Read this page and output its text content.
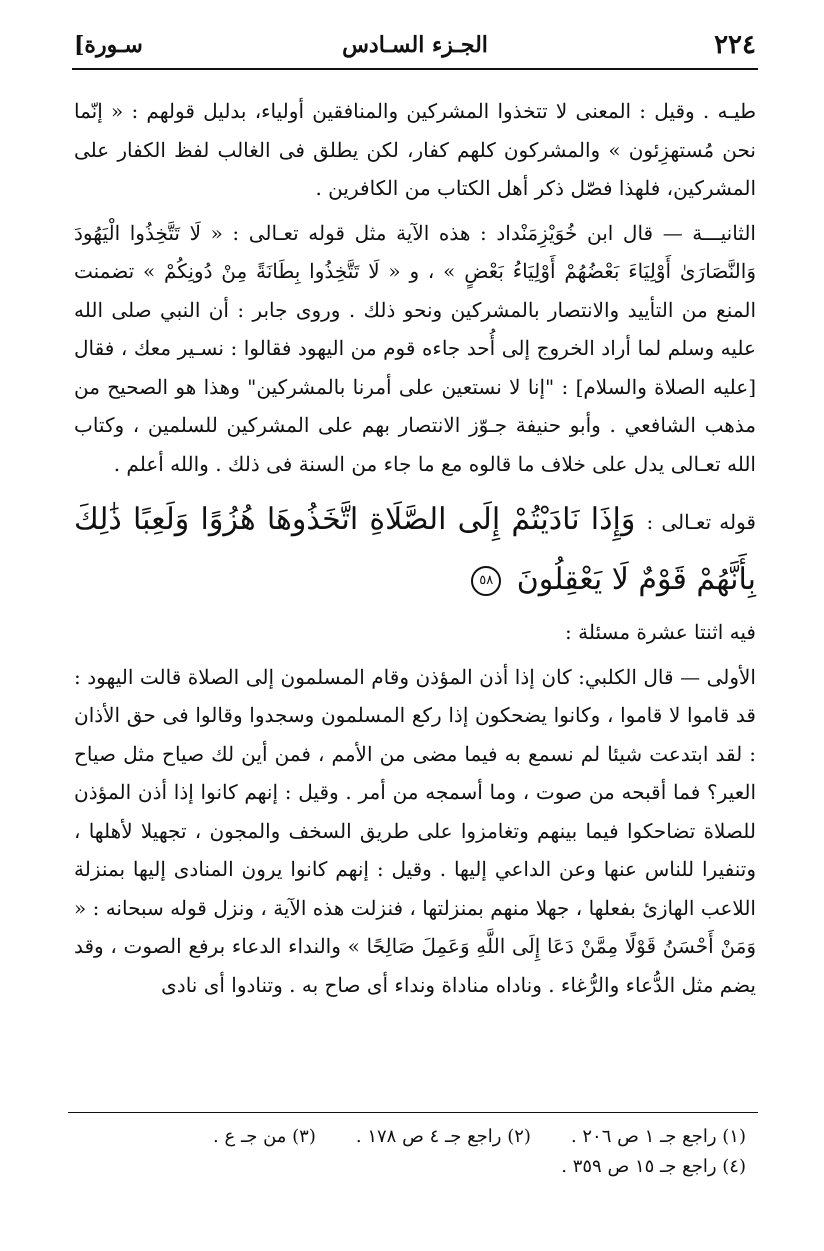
٢٢٤
الجـزء السـادس
[سـورة

طيـه . وقيل : المعنى لا تتخذوا المشركين والمنافقين أولياء، بدليل قولهم : « إنّما نحن مُستهزِئون » والمشركون كلهم كفار، لكن يطلق فى الغالب لفظ الكفار على المشركين، فلهذا فصّل ذكر أهل الكتاب من الكافرين .

الثانيـــة — قال ابن خُوَيْزِمَنْداد : هذه الآية مثل قوله تعـالى : « لَا تَتَّخِذُوا الْيَهُودَ وَالنَّصَارَىٰ أَوْلِيَاءَ بَعْضُهُمْ أَوْلِيَاءُ بَعْضٍ » ، و « لَا تَتَّخِذُوا بِطَانَةً مِنْ دُونِكُمْ » تضمنت المنع من التأييد والانتصار بالمشركين ونحو ذلك . وروى جابر : أن النبي صلى الله عليه وسلم لما أراد الخروج إلى أُحد جاءه قوم من اليهود فقالوا : نسـير معك ، فقال [عليه الصلاة والسلام] : "إنا لا نستعين على أمرنا بالمشركين" وهذا هو الصحيح من مذهب الشافعي . وأبو حنيفة جـوّز الانتصار بهم على المشركين للسلمين ، وكتاب الله تعـالى يدل على خلاف ما قالوه مع ما جاء من السنة فى ذلك . والله أعلم .

قوله تعـالى : وَإِذَا نَادَيْتُمْ إِلَى الصَّلَاةِ اتَّخَذُوهَا هُزُوًا وَلَعِبًا ذَٰلِكَ بِأَنَّهُمْ قَوْمٌ لَا يَعْقِلُونَ ٥٨

فيه اثنتا عشرة مسئلة :

الأولى — قال الكلبي: كان إذا أذن المؤذن وقام المسلمون إلى الصلاة قالت اليهود : قد قاموا لا قاموا ، وكانوا يضحكون إذا ركع المسلمون وسجدوا وقالوا فى حق الأذان : لقد ابتدعت شيئا لم نسمع به فيما مضى من الأمم ، فمن أين لك صياح مثل صياح العير؟ فما أقبحه من صوت ، وما أسمجه من أمر . وقيل : إنهم كانوا إذا أذن المؤذن للصلاة تضاحكوا فيما بينهم وتغامزوا على طريق السخف والمجون ، تجهيلا لأهلها ، وتنفيرا للناس عنها وعن الداعي إليها . وقيل : إنهم كانوا يرون المنادى إليها بمنزلة اللاعب الهازئ بفعلها ، جهلا منهم بمنزلتها ، فنزلت هذه الآية ، ونزل قوله سبحانه : « وَمَنْ أَحْسَنُ قَوْلًا مِمَّنْ دَعَا إِلَى اللَّهِ وَعَمِلَ صَالِحًا » والنداء الدعاء برفع الصوت ، وقد يضم مثل الدُّعاء والرُّغاء . وناداه مناداة ونداء أى صاح به . وتنادوا أى نادى

(١) راجع جـ ١ ص ٢٠٦ .
(٢) راجع جـ ٤ ص ١٧٨ .
(٣) من جـ ع .
(٤) راجع جـ ١٥ ص ٣٥٩ .
